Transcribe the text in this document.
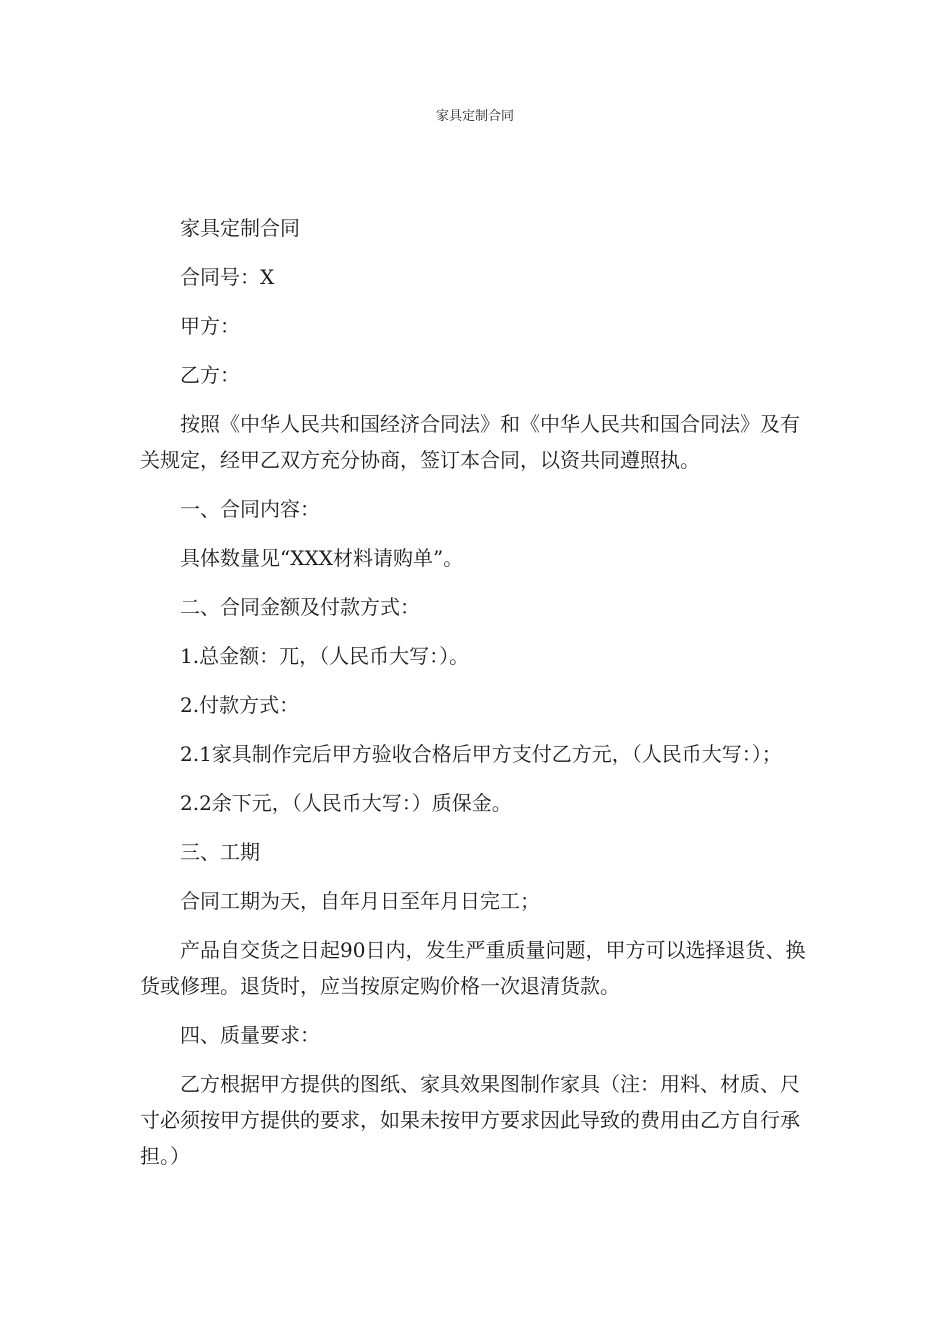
家具定制合同

家具定制合同

合同号：X

甲方：

乙方：

按照《中华人民共和国经济合同法》和《中华人民共和国合同法》及有关规定，经甲乙双方充分协商，签订本合同，以资共同遵照执。

一、合同内容：

具体数量见“XXX材料请购单”。

二、合同金额及付款方式：

1.总金额：兀，（人民币大写：）。

2.付款方式：

2.1家具制作完后甲方验收合格后甲方支付乙方元，（人民币大写：）；

2.2余下元，（人民币大写：）质保金。

三、工期

合同工期为天，自年月日至年月日完工；

产品自交货之日起90日内，发生严重质量问题，甲方可以选择退货、换货或修理。退货时，应当按原定购价格一次退清货款。

四、质量要求：

乙方根据甲方提供的图纸、家具效果图制作家具（注：用料、材质、尺寸必须按甲方提供的要求，如果未按甲方要求因此导致的费用由乙方自行承担。）
